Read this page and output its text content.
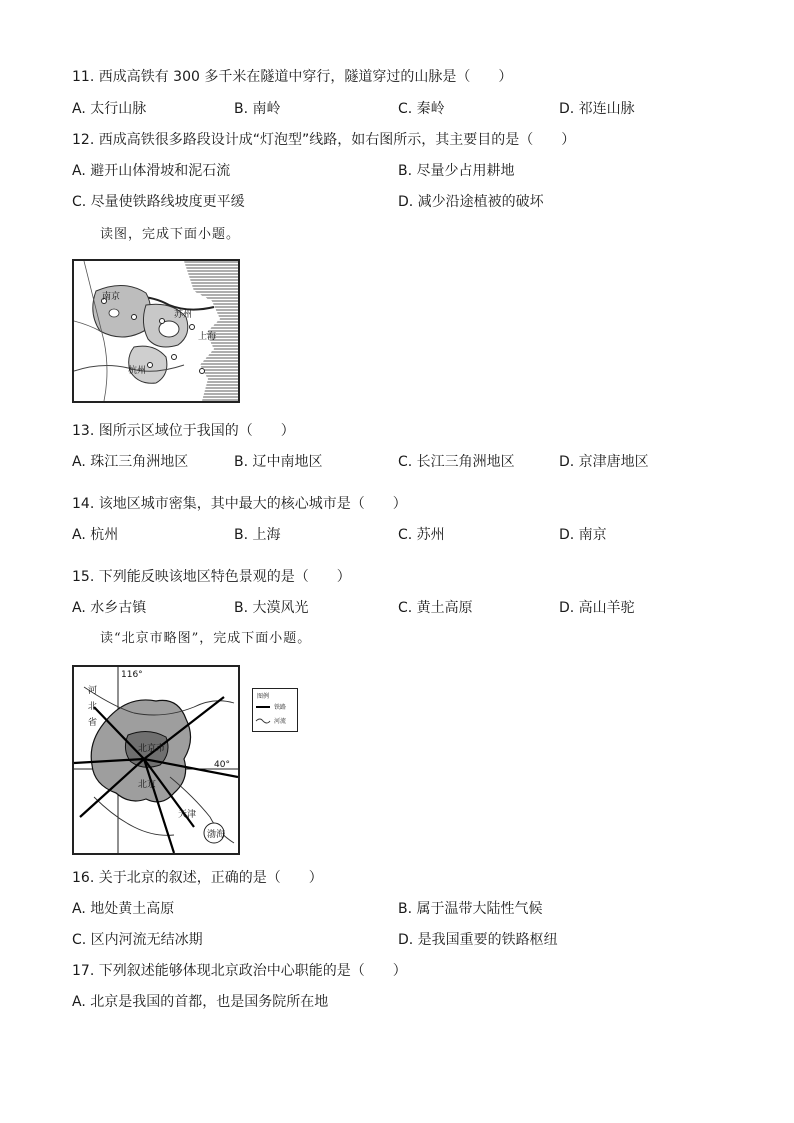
11. 西成高铁有 300 多千米在隧道中穿行，隧道穿过的山脉是（　　）
A. 太行山脉	B. 南岭	C. 秦岭	D. 祁连山脉
12. 西成高铁很多路段设计成“灯泡型”线路，如右图所示，其主要目的是（　　）
A. 避开山体滑坡和泥石流	B. 尽量少占用耕地
C. 尽量使铁路线坡度更平缓	D. 减少沿途植被的破坏
读图，完成下面小题。
南京
苏州
上海
杭州
13. 图所示区域位于我国的（　　）
A. 珠江三角洲地区	B. 辽中南地区	C. 长江三角洲地区	D. 京津唐地区
14. 该地区城市密集，其中最大的核心城市是（　　）
A. 杭州	B. 上海	C. 苏州	D. 南京
15. 下列能反映该地区特色景观的是（　　）
A. 水乡古镇	B. 大漠风光	C. 黄土高原	D. 高山羊驼
读“北京市略图”，完成下面小题。
116°
40°
河
北
省
北京市
北京
天津
渤海
图例
铁路
河流
16. 关于北京的叙述，正确的是（　　）
A. 地处黄土高原	B. 属于温带大陆性气候
C. 区内河流无结冰期	D. 是我国重要的铁路枢纽
17. 下列叙述能够体现北京政治中心职能的是（　　）
A. 北京是我国的首都，也是国务院所在地
